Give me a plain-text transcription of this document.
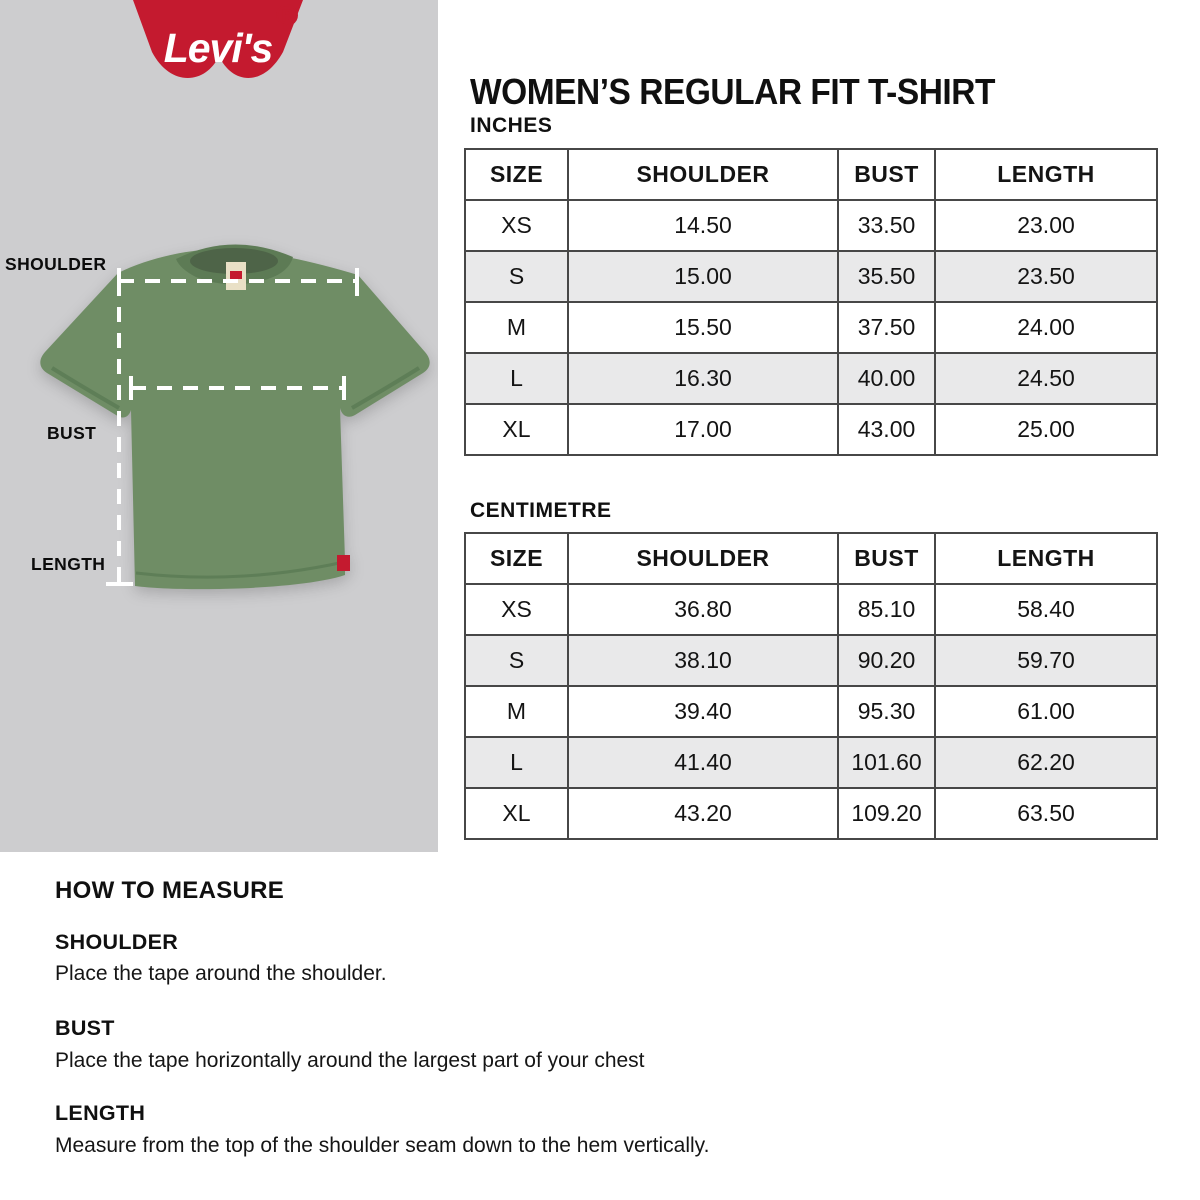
Levi's
®
SHOULDER
BUST
LENGTH
WOMEN’S REGULAR FIT T-SHIRT
INCHES
SIZE	SHOULDER	BUST	LENGTH
XS	14.50	33.50	23.00
S	15.00	35.50	23.50
M	15.50	37.50	24.00
L	16.30	40.00	24.50
XL	17.00	43.00	25.00
CENTIMETRE
SIZE	SHOULDER	BUST	LENGTH
XS	36.80	85.10	58.40
S	38.10	90.20	59.70
M	39.40	95.30	61.00
L	41.40	101.60	62.20
XL	43.20	109.20	63.50
HOW TO MEASURE
SHOULDER
Place the tape around the shoulder.
BUST
Place the tape horizontally around the largest part of your chest
LENGTH
Measure from the top of the shoulder seam down to the hem vertically.
